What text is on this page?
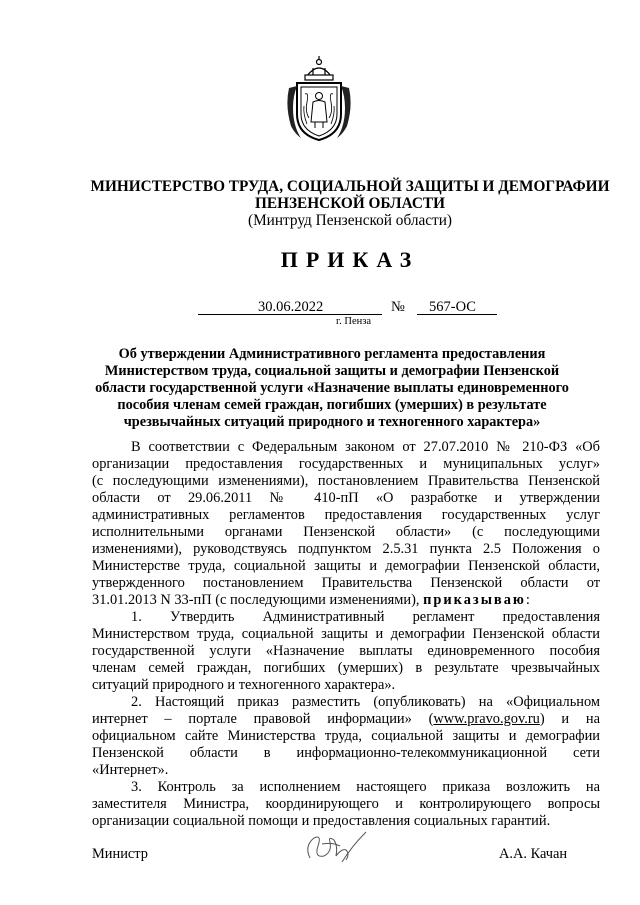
МИНИСТЕРСТВО ТРУДА, СОЦИАЛЬНОЙ ЗАЩИТЫ И ДЕМОГРАФИИ
ПЕНЗЕНСКОЙ ОБЛАСТИ
(Минтруд Пензенской области)
ПРИКАЗ
30.06.2022	№ 567-ОС
г. Пенза
Об утверждении Административного регламента предоставления
Министерством труда, социальной защиты и демографии Пензенской
области государственной услуги «Назначение выплаты единовременного
пособия членам семей граждан, погибших (умерших) в результате
чрезвычайных ситуаций природного и техногенного характера»
В соответствии с Федеральным законом от 27.07.2010 № 210-ФЗ «Об
организации предоставления государственных и муниципальных услуг»
(с последующими изменениями), постановлением Правительства Пензенской
области от 29.06.2011 № 410-пП «О разработке и утверждении
административных регламентов предоставления государственных услуг
исполнительными органами Пензенской области» (с последующими
изменениями), руководствуясь подпунктом 2.5.31 пункта 2.5 Положения о
Министерстве труда, социальной защиты и демографии Пензенской области,
утвержденного постановлением Правительства Пензенской области от
31.01.2013 N 33-пП (с последующими изменениями), приказываю:
1. Утвердить Административный регламент предоставления
Министерством труда, социальной защиты и демографии Пензенской области
государственной услуги «Назначение выплаты единовременного пособия
членам семей граждан, погибших (умерших) в результате чрезвычайных
ситуаций природного и техногенного характера».
2. Настоящий приказ разместить (опубликовать) на «Официальном
интернет – портале правовой информации» (www.pravo.gov.ru) и на
официальном сайте Министерства труда, социальной защиты и демографии
Пензенской области в информационно-телекоммуникационной сети
«Интернет».
3. Контроль за исполнением настоящего приказа возложить на
заместителя Министра, координирующего и контролирующего вопросы
организации социальной помощи и предоставления социальных гарантий.
Министр	А.А. Качан
